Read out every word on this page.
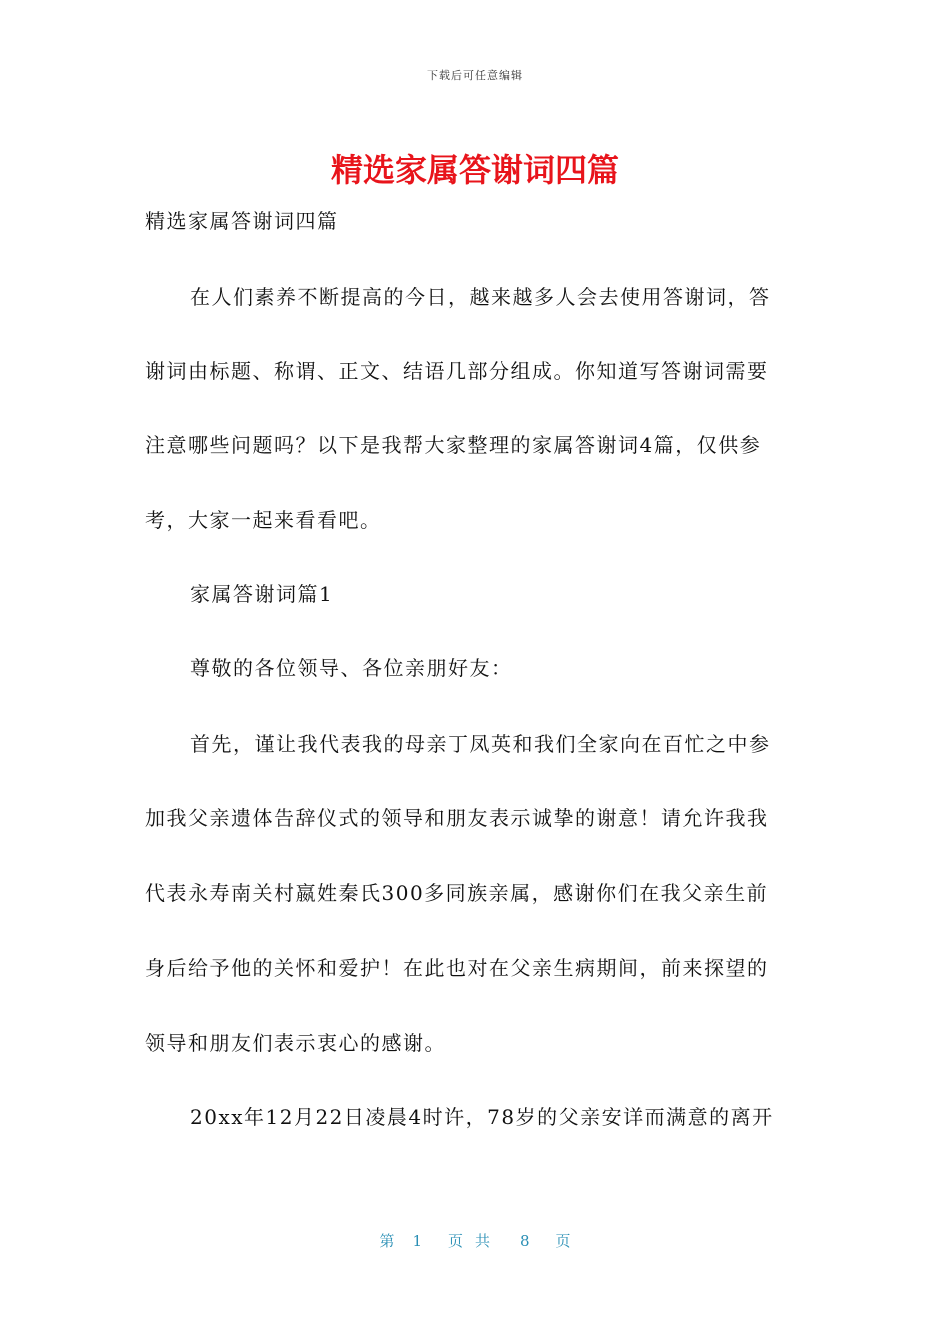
下载后可任意编辑
精选家属答谢词四篇
精选家属答谢词四篇
在人们素养不断提高的今日，越来越多人会去使用答谢词，答
谢词由标题、称谓、正文、结语几部分组成。你知道写答谢词需要
注意哪些问题吗？以下是我帮大家整理的家属答谢词4篇，仅供参
考，大家一起来看看吧。
家属答谢词篇1
尊敬的各位领导、各位亲朋好友：
首先，谨让我代表我的母亲丁凤英和我们全家向在百忙之中参
加我父亲遗体告辞仪式的领导和朋友表示诚挚的谢意！请允许我我
代表永寿南关村嬴姓秦氏300多同族亲属，感谢你们在我父亲生前
身后给予他的关怀和爱护！在此也对在父亲生病期间，前来探望的
领导和朋友们表示衷心的感谢。
20xx年12月22日凌晨4时许，78岁的父亲安详而满意的离开
第 1 页共 8 页
